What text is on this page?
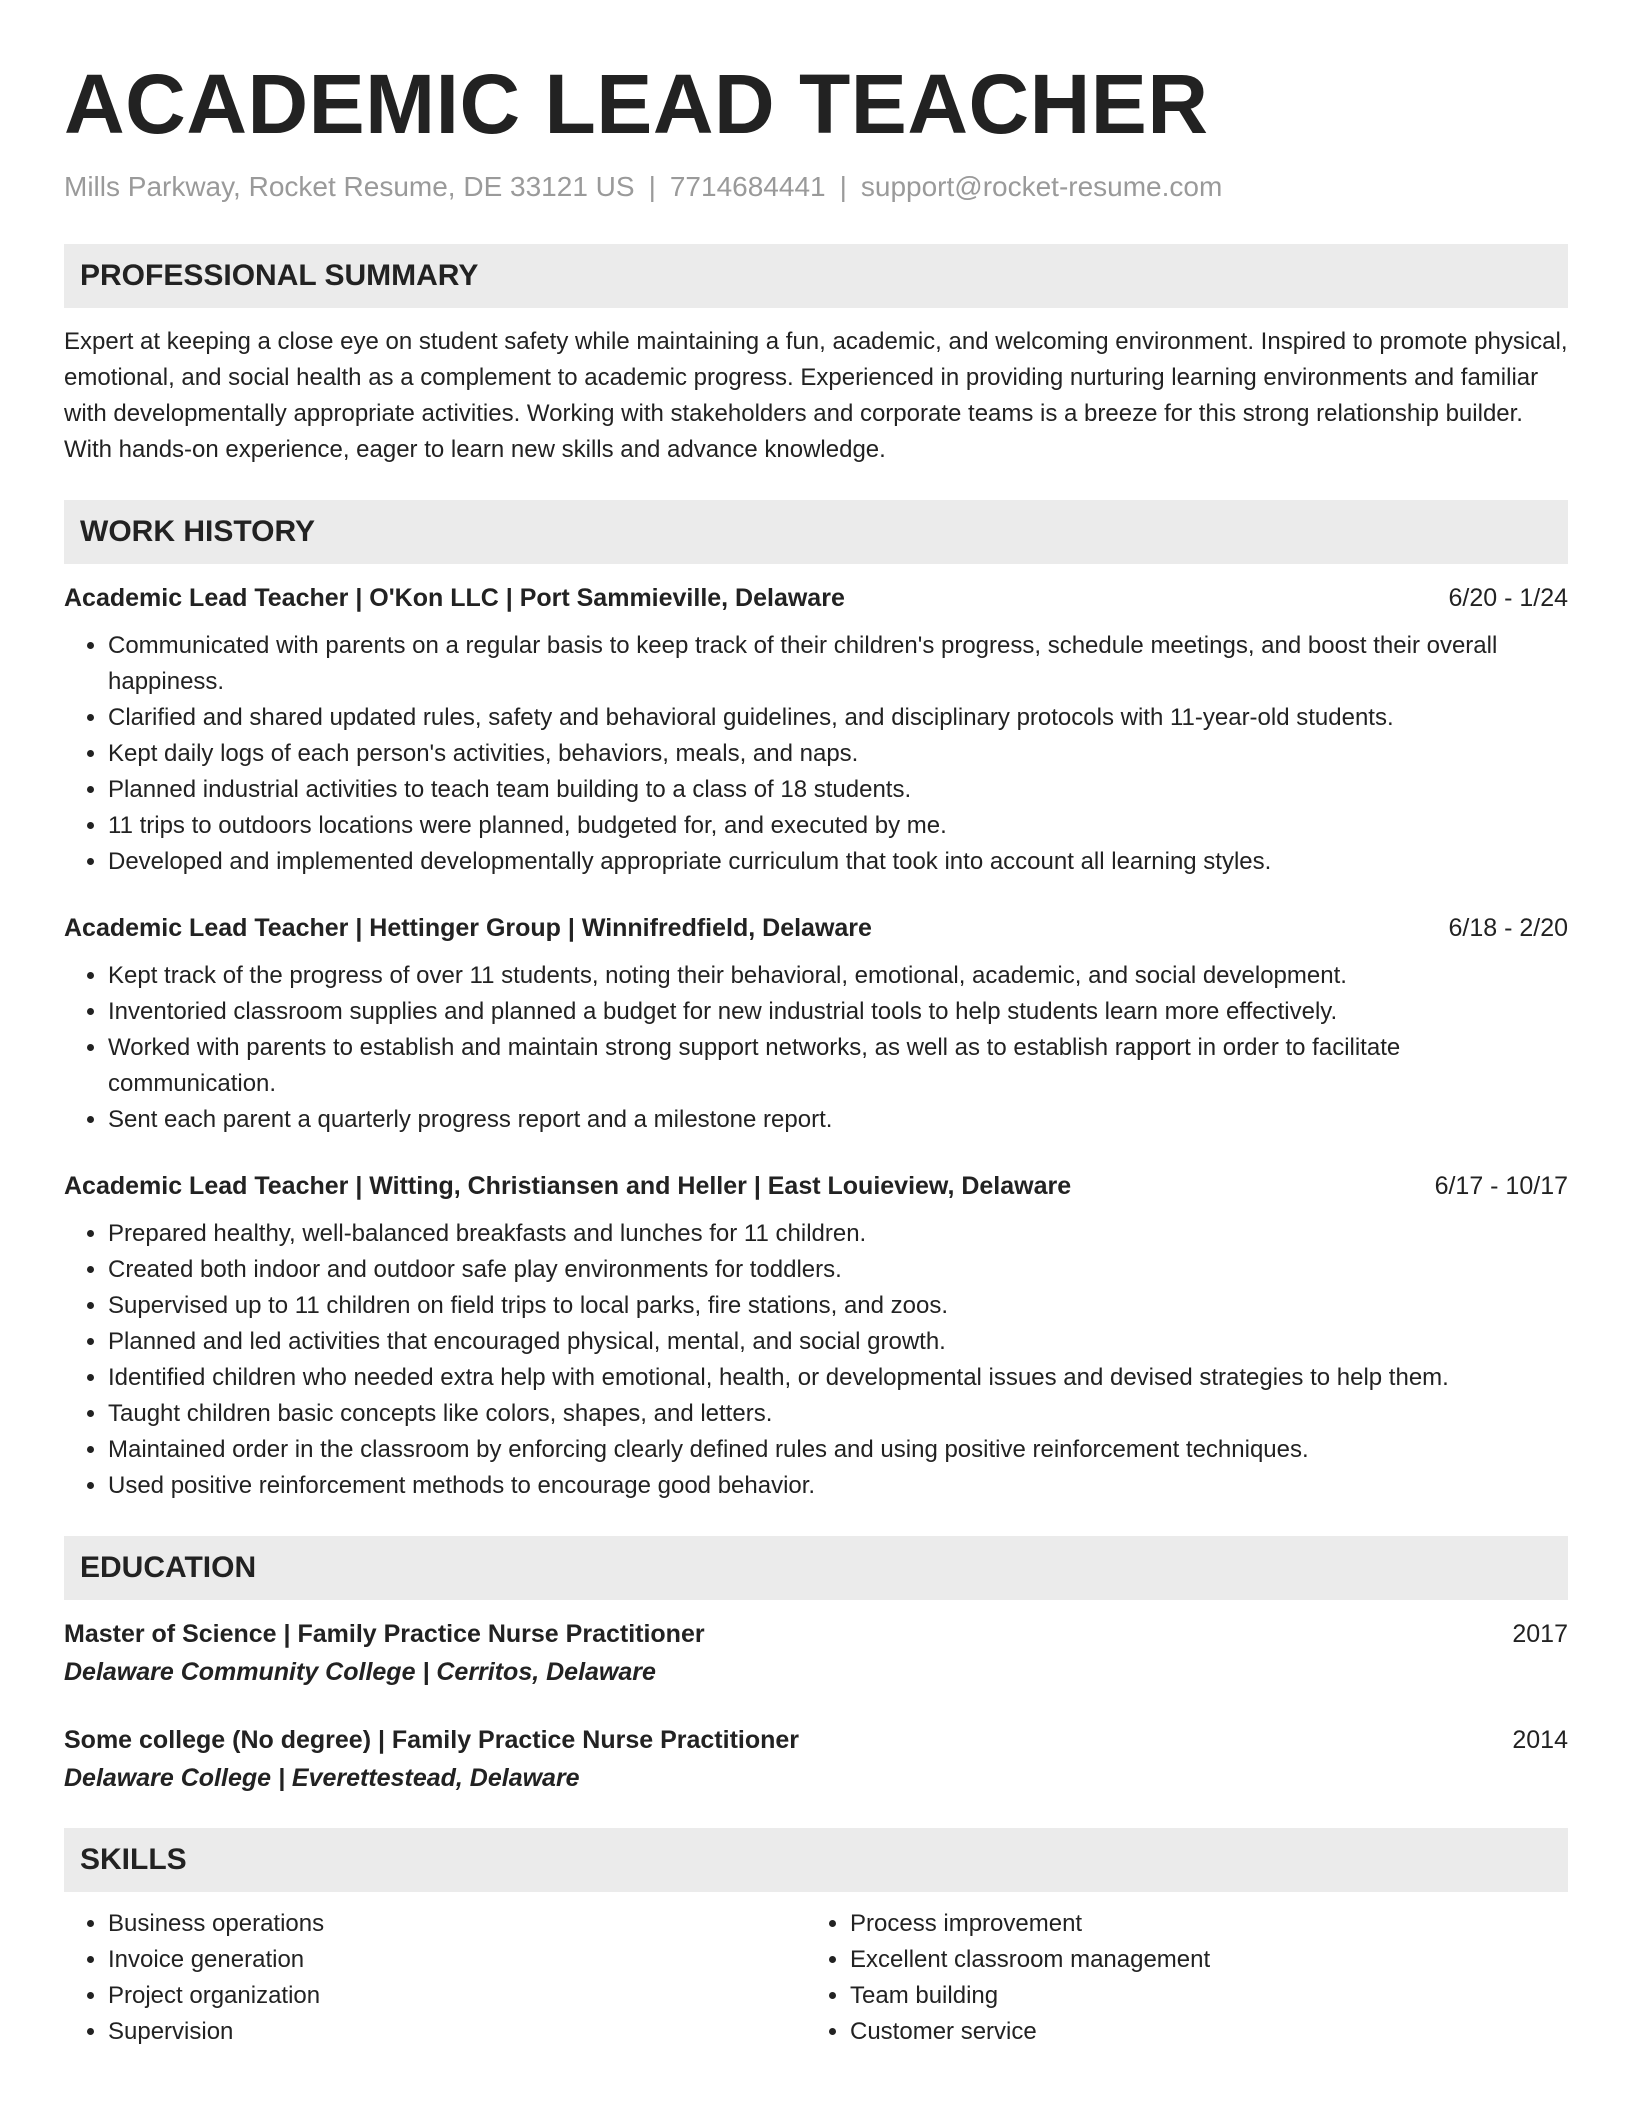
ACADEMIC LEAD TEACHER
Mills Parkway, Rocket Resume, DE 33121 US | 7714684441 | support@rocket-resume.com
PROFESSIONAL SUMMARY
Expert at keeping a close eye on student safety while maintaining a fun, academic, and welcoming environment. Inspired to promote physical, emotional, and social health as a complement to academic progress. Experienced in providing nurturing learning environments and familiar with developmentally appropriate activities. Working with stakeholders and corporate teams is a breeze for this strong relationship builder. With hands-on experience, eager to learn new skills and advance knowledge.
WORK HISTORY
Academic Lead Teacher | O'Kon LLC | Port Sammieville, Delaware	6/20 - 1/24
• Communicated with parents on a regular basis to keep track of their children's progress, schedule meetings, and boost their overall happiness.
• Clarified and shared updated rules, safety and behavioral guidelines, and disciplinary protocols with 11-year-old students.
• Kept daily logs of each person's activities, behaviors, meals, and naps.
• Planned industrial activities to teach team building to a class of 18 students.
• 11 trips to outdoors locations were planned, budgeted for, and executed by me.
• Developed and implemented developmentally appropriate curriculum that took into account all learning styles.
Academic Lead Teacher | Hettinger Group | Winnifredfield, Delaware	6/18 - 2/20
• Kept track of the progress of over 11 students, noting their behavioral, emotional, academic, and social development.
• Inventoried classroom supplies and planned a budget for new industrial tools to help students learn more effectively.
• Worked with parents to establish and maintain strong support networks, as well as to establish rapport in order to facilitate communication.
• Sent each parent a quarterly progress report and a milestone report.
Academic Lead Teacher | Witting, Christiansen and Heller | East Louieview, Delaware	6/17 - 10/17
• Prepared healthy, well-balanced breakfasts and lunches for 11 children.
• Created both indoor and outdoor safe play environments for toddlers.
• Supervised up to 11 children on field trips to local parks, fire stations, and zoos.
• Planned and led activities that encouraged physical, mental, and social growth.
• Identified children who needed extra help with emotional, health, or developmental issues and devised strategies to help them.
• Taught children basic concepts like colors, shapes, and letters.
• Maintained order in the classroom by enforcing clearly defined rules and using positive reinforcement techniques.
• Used positive reinforcement methods to encourage good behavior.
EDUCATION
Master of Science | Family Practice Nurse Practitioner	2017
Delaware Community College | Cerritos, Delaware
Some college (No degree) | Family Practice Nurse Practitioner	2014
Delaware College | Everettestead, Delaware
SKILLS
• Business operations
• Invoice generation
• Project organization
• Supervision
• Process improvement
• Excellent classroom management
• Team building
• Customer service
